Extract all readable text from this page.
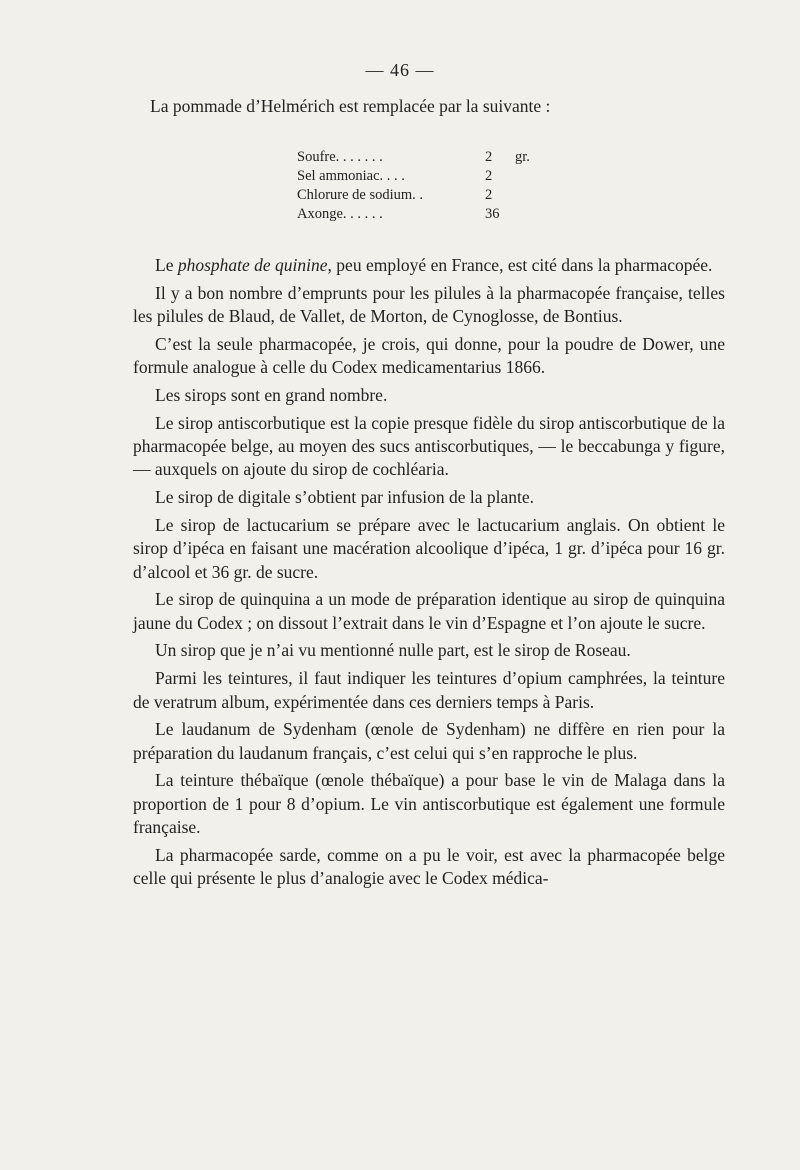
— 46 —
La pommade d’Helmérich est remplacée par la suivante :
Soufre. . . . . . .	2	gr.
Sel ammoniac. . . .	2
Chlorure de sodium. .	2
Axonge. . . . . .	36

Le phosphate de quinine, peu employé en France, est cité dans la pharmacopée.

Il y a bon nombre d’emprunts pour les pilules à la pharmacopée française, telles les pilules de Blaud, de Vallet, de Morton, de Cynoglosse, de Bontius.

C’est la seule pharmacopée, je crois, qui donne, pour la poudre de Dower, une formule analogue à celle du Codex medicamentarius 1866.

Les sirops sont en grand nombre.

Le sirop antiscorbutique est la copie presque fidèle du sirop antiscorbutique de la pharmacopée belge, au moyen des sucs antiscorbutiques, — le beccabunga y figure, — auxquels on ajoute du sirop de cochléaria.

Le sirop de digitale s’obtient par infusion de la plante.

Le sirop de lactucarium se prépare avec le lactucarium anglais. On obtient le sirop d’ipéca en faisant une macération alcoolique d’ipéca, 1 gr. d’ipéca pour 16 gr. d’alcool et 36 gr. de sucre.

Le sirop de quinquina a un mode de préparation identique au sirop de quinquina jaune du Codex ; on dissout l’extrait dans le vin d’Espagne et l’on ajoute le sucre.

Un sirop que je n’ai vu mentionné nulle part, est le sirop de Roseau.

Parmi les teintures, il faut indiquer les teintures d’opium camphrées, la teinture de veratrum album, expérimentée dans ces derniers temps à Paris.

Le laudanum de Sydenham (œnole de Sydenham) ne diffère en rien pour la préparation du laudanum français, c’est celui qui s’en rapproche le plus.

La teinture thébaïque (œnole thébaïque) a pour base le vin de Malaga dans la proportion de 1 pour 8 d’opium. Le vin antiscorbutique est également une formule française.

La pharmacopée sarde, comme on a pu le voir, est avec la pharmacopée belge celle qui présente le plus d’analogie avec le Codex médica-
